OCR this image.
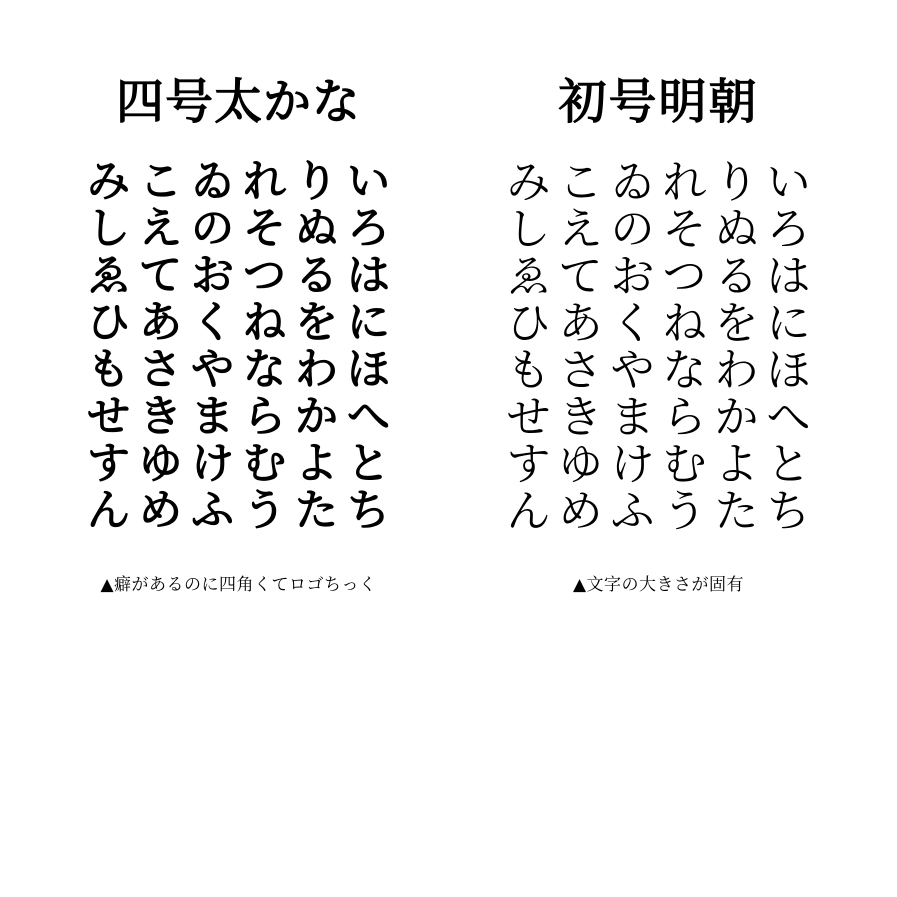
四号太かな
い
ろ
は
に
ほ
へ
と
ち
り
ぬ
る
を
わ
か
よ
た
れ
そ
つ
ね
な
ら
む
う
ゐ
の
お
く
や
ま
け
ふ
こ
え
て
あ
さ
き
ゆ
め
み
し
ゑ
ひ
も
せ
す
ん
▲癖があるのに四角くてロゴちっく
初号明朝
い
ろ
は
に
ほ
へ
と
ち
り
ぬ
る
を
わ
か
よ
た
れ
そ
つ
ね
な
ら
む
う
ゐ
の
お
く
や
ま
け
ふ
こ
え
て
あ
さ
き
ゆ
め
み
し
ゑ
ひ
も
せ
す
ん
▲文字の大きさが固有
